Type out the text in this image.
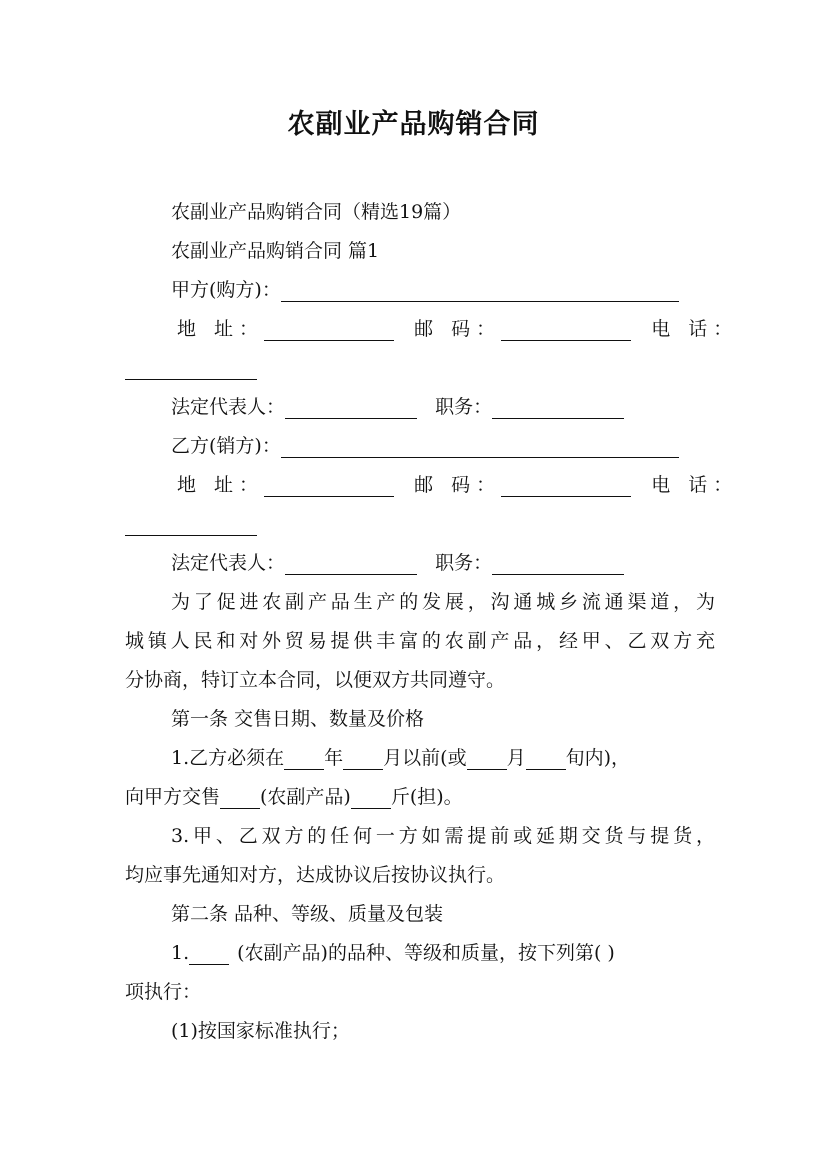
农副业产品购销合同
农副业产品购销合同（精选19篇）
农副业产品购销合同 篇1
甲方(购方)：
地 址：	邮 码：	电 话：
法定代表人：	职务：
乙方(销方)：
地 址：	邮 码：	电 话：
法定代表人：	职务：
为了促进农副产品生产的发展，沟通城乡流通渠道，为
城镇人民和对外贸易提供丰富的农副产品，经甲、乙双方充
分协商，特订立本合同，以便双方共同遵守。
第一条 交售日期、数量及价格
1.乙方必须在 年 月以前(或 月 旬内)，
向甲方交售 (农副产品) 斤(担)。
3.甲、乙双方的任何一方如需提前或延期交货与提货，
均应事先通知对方，达成协议后按协议执行。
第二条 品种、等级、质量及包装
1.	(农副产品)的品种、等级和质量，按下列第( )
项执行：
(1)按国家标准执行；
